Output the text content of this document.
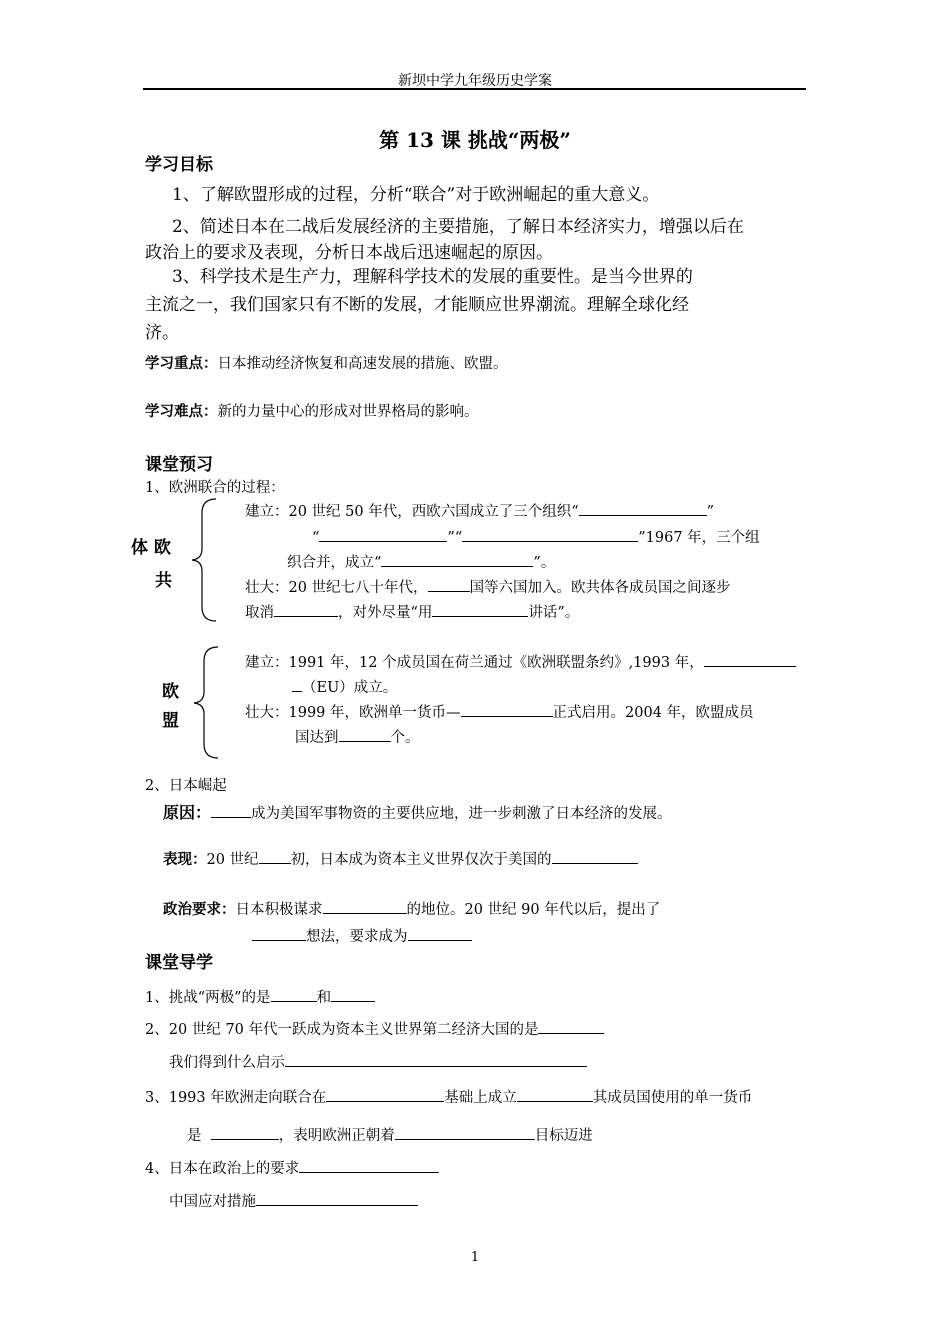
新坝中学九年级历史学案
第 13 课 挑战“两极”
学习目标
1、了解欧盟形成的过程，分析“联合”对于欧洲崛起的重大意义。
2、简述日本在二战后发展经济的主要措施，了解日本经济实力，增强以后在
政治上的要求及表现，分析日本战后迅速崛起的原因。
3、科学技术是生产力，理解科学技术的发展的重要性。是当今世界的
主流之一，我们国家只有不断的发展，才能顺应世界潮流。理解全球化经
济。
学习重点：日本推动经济恢复和高速发展的措施、欧盟。
学习难点：新的力量中心的形成对世界格局的影响。
课堂预习
1、欧洲联合的过程：
体 欧
共
建立：20 世纪 50 年代，西欧六国成立了三个组织“	”
“	”“	”1967 年，三个组
织合并，成立“	”。
壮大：20 世纪七八十年代，	国等六国加入。欧共体各成员国之间逐步
取消	，对外尽量“用	讲话”。
欧
盟
建立：1991 年，12 个成员国在荷兰通过《欧洲联盟条约》,1993 年，
（EU）成立。
壮大：1999 年，欧洲单一货币—	正式启用。2004 年，欧盟成员
国达到	个。
2、日本崛起
原因：	成为美国军事物资的主要供应地，进一步刺激了日本经济的发展。
表现：20 世纪 初，日本成为资本主义世界仅次于美国的
政治要求：日本积极谋求	的地位。20 世纪 90 年代以后，提出了
想法，要求成为
课堂导学
1、挑战“两极”的是	和
2、20 世纪 70 年代一跃成为资本主义世界第二经济大国的是
我们得到什么启示
3、1993 年欧洲走向联合在	基础上成立	其成员国使用的单一货币
是	，表明欧洲正朝着	目标迈进
4、日本在政治上的要求
中国应对措施
1
